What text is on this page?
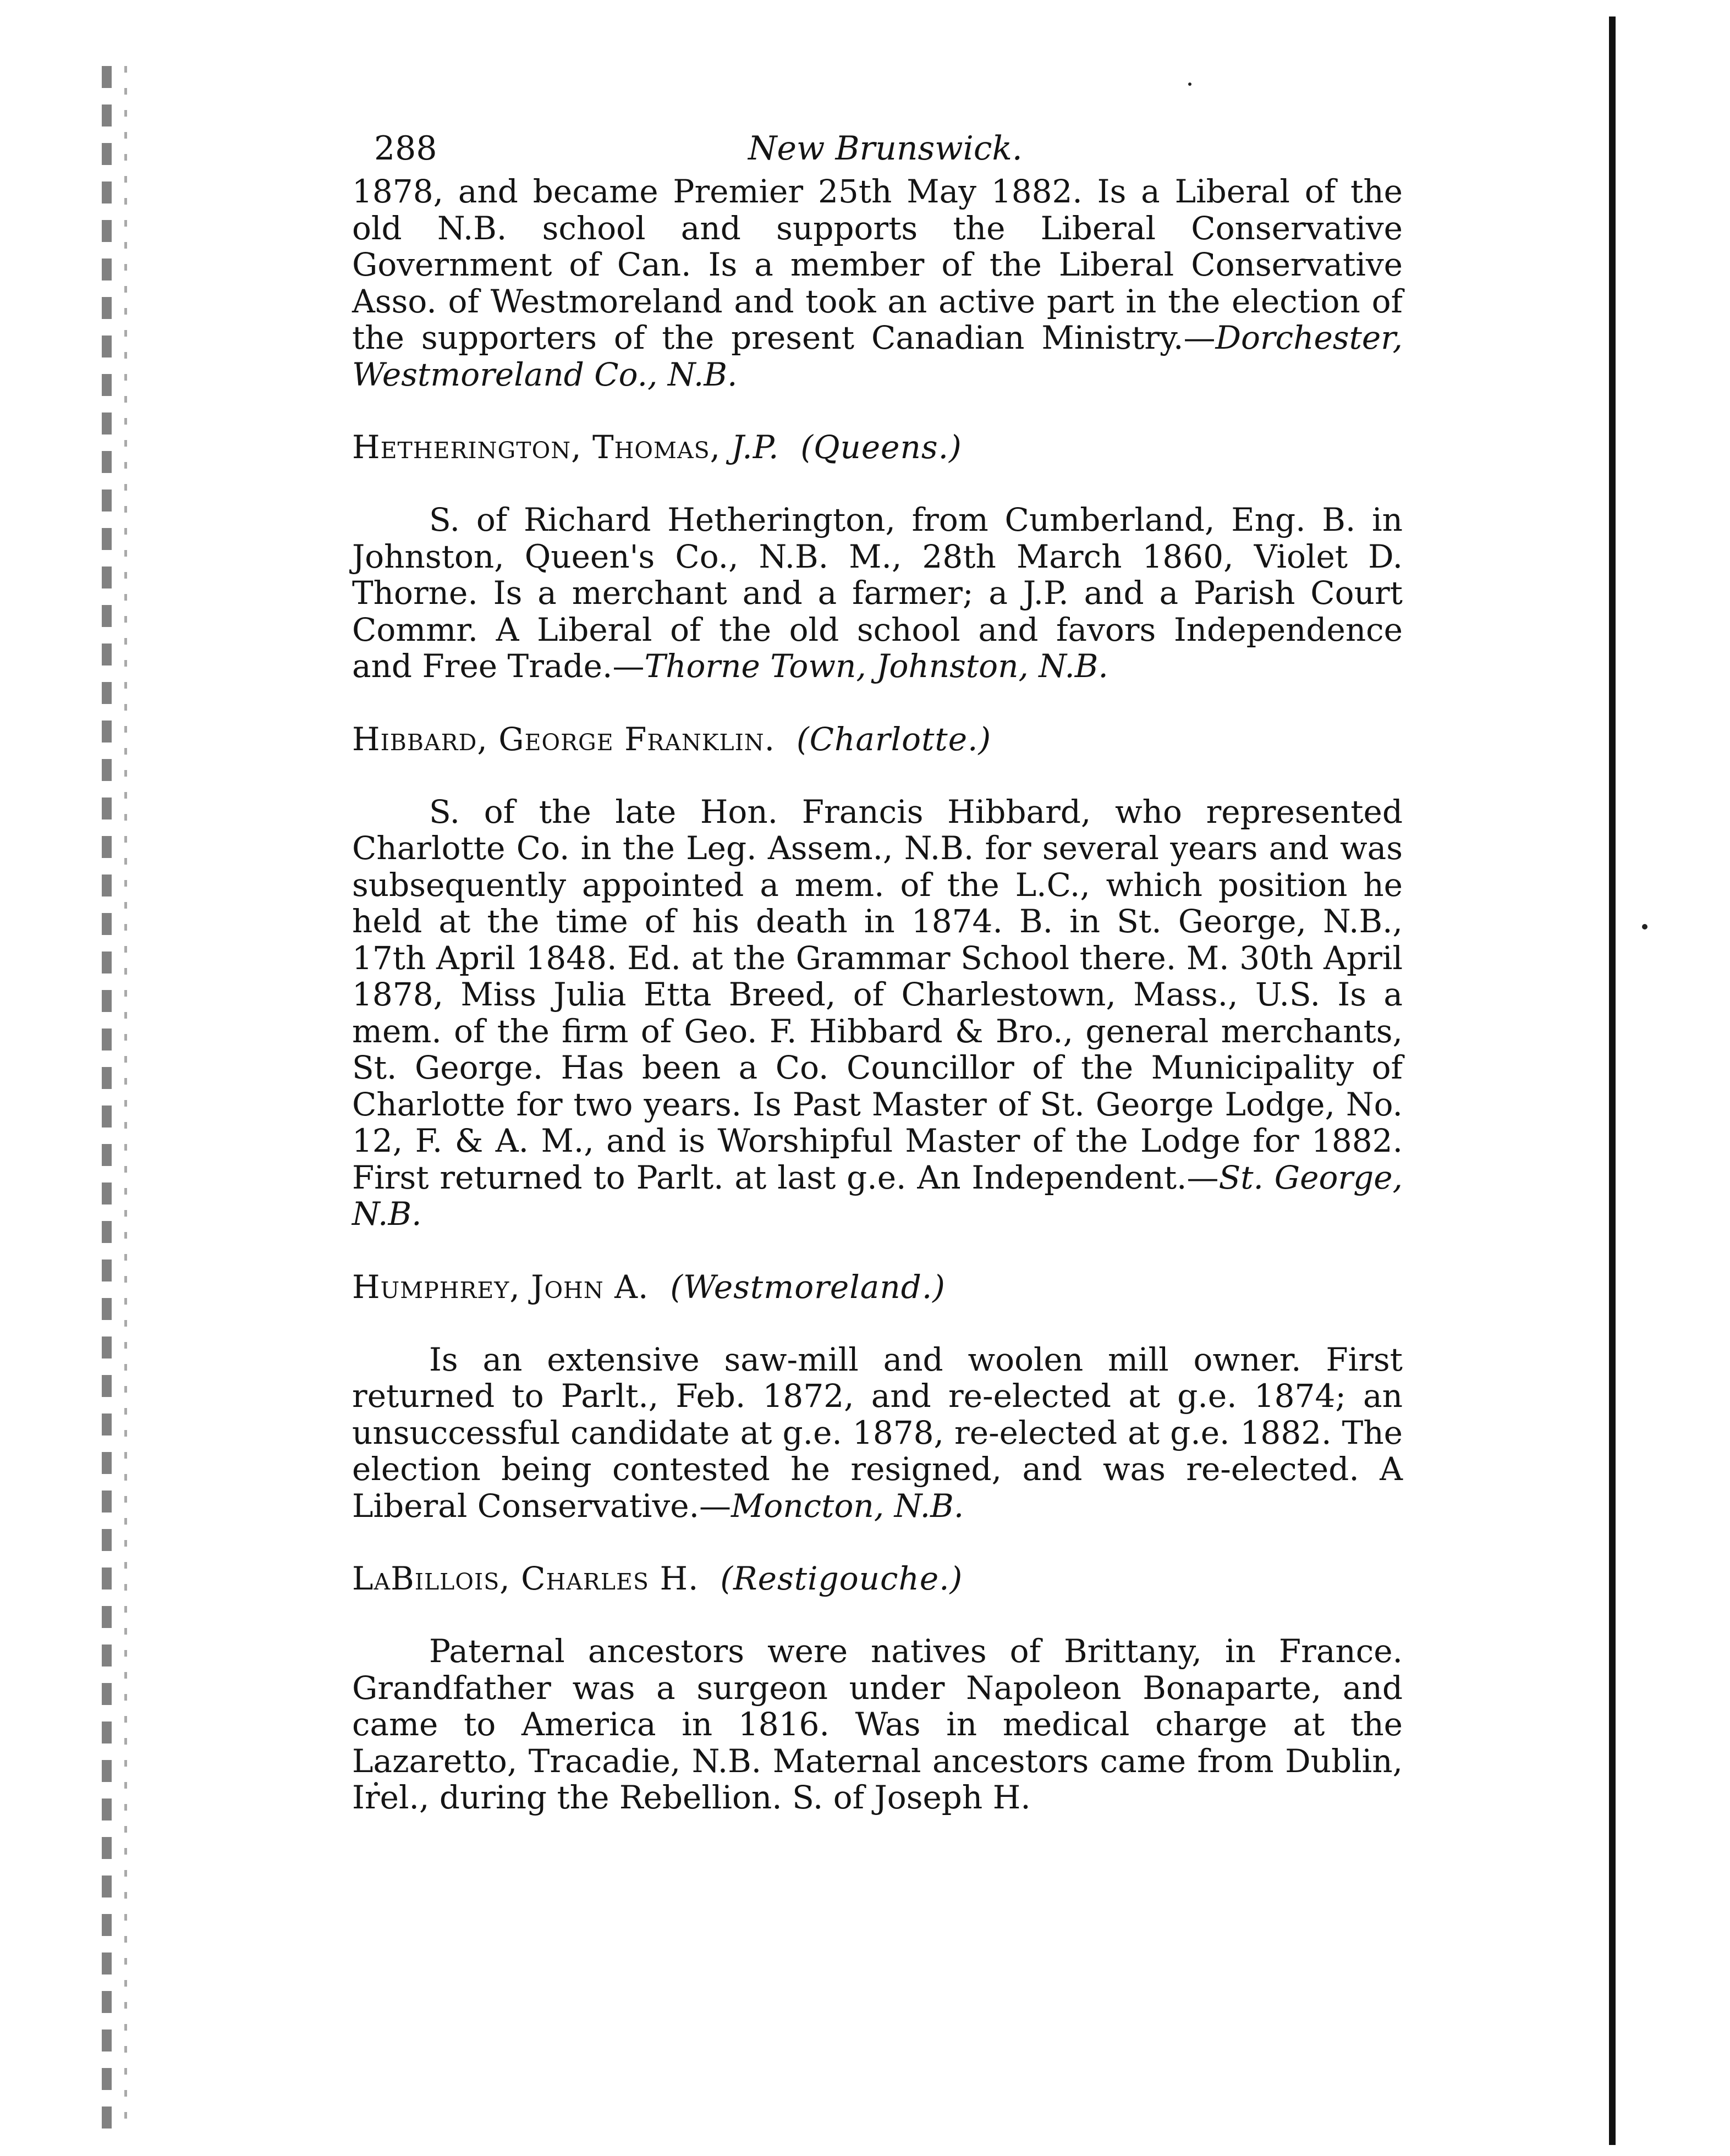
288	New Brunswick.

1878, and became Premier 25th May 1882. Is a Liberal of the old N.B. school and supports the Liberal Conservative Government of Can. Is a member of the Liberal Conservative Asso. of Westmoreland and took an active part in the election of the supporters of the present Canadian Ministry.—Dorchester, Westmoreland Co., N.B.

Hetherington, Thomas, J.P. (Queens.)

S. of Richard Hetherington, from Cumberland, Eng. B. in Johnston, Queen's Co., N.B. M., 28th March 1860, Violet D. Thorne. Is a merchant and a farmer; a J.P. and a Parish Court Commr. A Liberal of the old school and favors Independence and Free Trade.—Thorne Town, Johnston, N.B.

Hibbard, George Franklin. (Charlotte.)

S. of the late Hon. Francis Hibbard, who represented Charlotte Co. in the Leg. Assem., N.B. for several years and was subsequently appointed a mem. of the L.C., which position he held at the time of his death in 1874. B. in St. George, N.B., 17th April 1848. Ed. at the Grammar School there. M. 30th April 1878, Miss Julia Etta Breed, of Charlestown, Mass., U.S. Is a mem. of the firm of Geo. F. Hibbard & Bro., general merchants, St. George. Has been a Co. Councillor of the Municipality of Charlotte for two years. Is Past Master of St. George Lodge, No. 12, F. & A. M., and is Worshipful Master of the Lodge for 1882. First returned to Parlt. at last g.e. An Independent.—St. George, N.B.

Humphrey, John A. (Westmoreland.)

Is an extensive saw-mill and woolen mill owner. First returned to Parlt., Feb. 1872, and re-elected at g.e. 1874; an unsuccessful candidate at g.e. 1878, re-elected at g.e. 1882. The election being contested he resigned, and was re-elected. A Liberal Conservative.—Moncton, N.B.

LaBillois, Charles H. (Restigouche.)

Paternal ancestors were natives of Brittany, in France. Grandfather was a surgeon under Napoleon Bonaparte, and came to America in 1816. Was in medical charge at the Lazaretto, Tracadie, N.B. Maternal ancestors came from Dublin, Irel., during the Rebellion. S. of Joseph H.
